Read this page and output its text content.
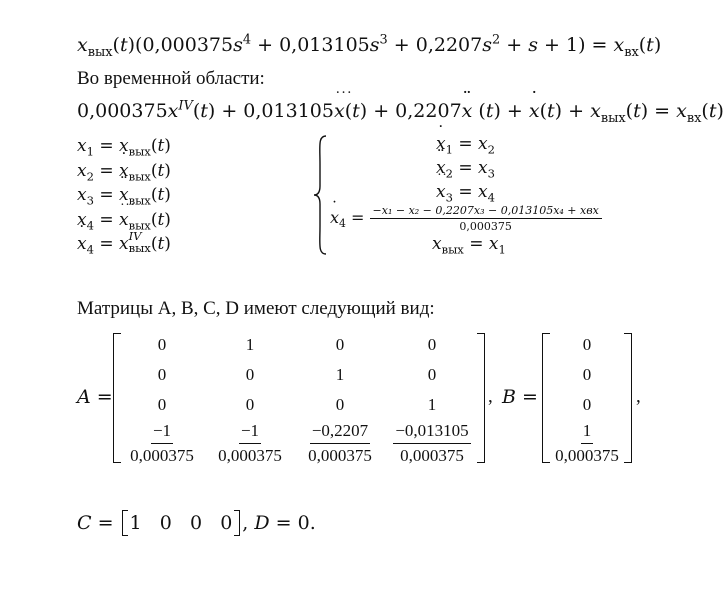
$x_{вых}(t)(0,000375s^4 + 0,013105s^3 + 0,2207s^2 + s + 1) = x_{вх}(t)$
Во временной области:
$0,000375x^{IV}(t)$ + 0,013105˙˙˙ x(t) + 0,2207¨ x (t) + ˙ $x(t) + x_{вых}(t) = x_{вх}(t)$
$x_1 = x_{вых}(t)$
$x_2$ = ˙ $x_{вых}(t)$
$x_3$ = ¨ $x_{вых}(t)$
$x_4$ = ˙˙˙ $x_{вых}(t)$
˙ $x_4 = x$ IV
вых (t)
˙ $x_1 = x_2$
¨ $x_2 = x_3$
˙˙˙ $x_3 = x_4$
˙ $x_4 = \frac{\text{−x₁ − x₂ − 0,2207x₃ − 0,013105x₄ + xвх}}{0,000375}$
$x_{вых} = x_1$
Матрицы A, B, C, D имеют следующий вид:
A =
0	1	0	0
0	0	1	0
0	0	0	1
$\frac{-1}{0,000375} \frac{-1}{0,000375} \frac{-0,2207}{0,000375} \frac{-0,013105}{0,000375}$
, B =
0
0
0
$\frac{1}{0,000375}$
,
C =
1 0 0 0 , D = 0.
